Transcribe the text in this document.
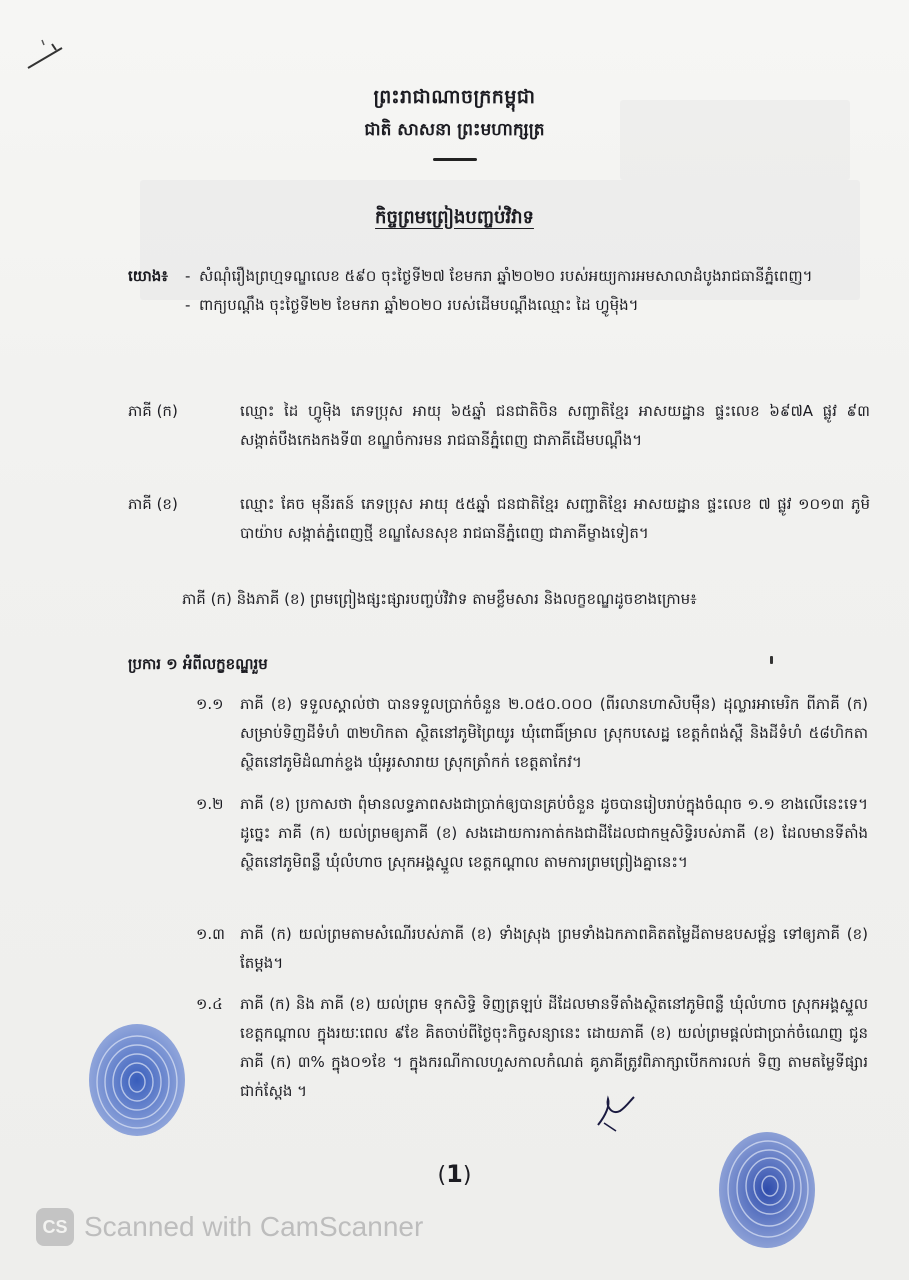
ព្រះរាជាណាចក្រកម្ពុជា
ជាតិ សាសនា ព្រះមហាក្សត្រ
កិច្ចព្រមព្រៀងបញ្ចប់វិវាទ
យោង៖ - សំណុំរឿងព្រហ្មទណ្ឌលេខ ៥៩០ ចុះថ្ងៃទី២៧ ខែមករា ឆ្នាំ២០២០ របស់អយ្យការអមសាលាដំបូងរាជធានីភ្នំពេញ។
- ពាក្យបណ្តឹង ចុះថ្ងៃទី២២ ខែមករា ឆ្នាំ២០២០ របស់ដើមបណ្តឹងឈ្មោះ ដៃ ហ្វូម៉ិង។
ភាគី (ក)	ឈ្មោះ ដៃ ហ្វូម៉ិង ភេទប្រុស អាយុ ៦៥ឆ្នាំ ជនជាតិចិន សញ្ជាតិខ្មែរ អាសយដ្ឋាន ផ្ទះលេខ ៦៩៧A ផ្លូវ ៩៣ សង្កាត់បឹងកេងកងទី៣ ខណ្ឌចំការមន រាជធានីភ្នំពេញ ជាភាគីដើមបណ្តឹង។
ភាគី (ខ)	ឈ្មោះ គែច មុនីរតន៍ ភេទប្រុស អាយុ ៥៥ឆ្នាំ ជនជាតិខ្មែរ សញ្ជាតិខ្មែរ អាសយដ្ឋាន ផ្ទះលេខ ៧ ផ្លូវ ១០១៣ ភូមិបាយ៉ាប សង្កាត់ភ្នំពេញថ្មី ខណ្ឌសែនសុខ រាជធានីភ្នំពេញ ជាភាគីម្ខាងទៀត។
ភាគី (ក) និងភាគី (ខ) ព្រមព្រៀងផ្សះផ្សារបញ្ចប់វិវាទ តាមខ្លឹមសារ និងលក្ខខណ្ឌដូចខាងក្រោម៖
ប្រការ ១ អំពីលក្ខខណ្ឌរួម
១.១	ភាគី (ខ) ទទួលស្គាល់ថា បានទទួលប្រាក់ចំនួន ២.០៥០.០០០ (ពីរលានហាសិបម៉ឺន) ដុល្លារអាមេរិក ពីភាគី (ក) សម្រាប់ទិញដីទំហំ ៣២ហិកតា ស្ថិតនៅភូមិព្រៃយូរ ឃុំពោធិ៍ម្រាល ស្រុកបសេដ្ឋ ខេត្តកំពង់ស្ពឺ និងដីទំហំ ៥៨ហិកតា ស្ថិតនៅភូមិដំណាក់ខ្ទង ឃុំអូរសារាយ ស្រុកត្រាំកក់ ខេត្តតាកែវ។
១.២	ភាគី (ខ) ប្រកាសថា ពុំមានលទ្ធភាពសងជាប្រាក់ឲ្យបានគ្រប់ចំនួន ដូចបានរៀបរាប់ក្នុងចំណុច ១.១ ខាងលើនេះទេ។ ដូច្នេះ ភាគី (ក) យល់ព្រមឲ្យភាគី (ខ) សងដោយការកាត់កងជាដីដែលជាកម្មសិទ្ធិរបស់ភាគី (ខ) ដែលមានទីតាំងស្ថិតនៅភូមិពន្លឺ ឃុំលំហាច ស្រុកអង្គស្នួល ខេត្តកណ្តាល តាមការព្រមព្រៀងគ្នានេះ។
១.៣	ភាគី (ក) យល់ព្រមតាមសំណើរបស់ភាគី (ខ) ទាំងស្រុង ព្រមទាំងឯកភាពគិតតម្លៃដីតាមឧបសម្ព័ន្ធ ទៅឲ្យភាគី (ខ) តែម្តង។
១.៤	ភាគី (ក) និង ភាគី (ខ) យល់ព្រម ទុកសិទ្ធិ ទិញត្រឡប់ ដីដែលមានទីតាំងស្ថិតនៅភូមិពន្លឺ ឃុំលំហាច ស្រុកអង្គស្នួល ខេត្តកណ្តាល ក្នុងរយៈពេល ៩ខែ គិតចាប់ពីថ្ងៃចុះកិច្ចសន្យានេះ ដោយភាគី (ខ) យល់ព្រមផ្តល់ជាប្រាក់ចំណេញ ជូន ភាគី (ក) ៣% ក្នុង០១ខែ ។ ក្នុងករណីកាលហួសកាលកំណត់ គូភាគីត្រូវពិភាក្សាបើកការលក់ ទិញ តាមតម្លៃទីផ្សារជាក់ស្តែង ។
(1)
CS Scanned with CamScanner
